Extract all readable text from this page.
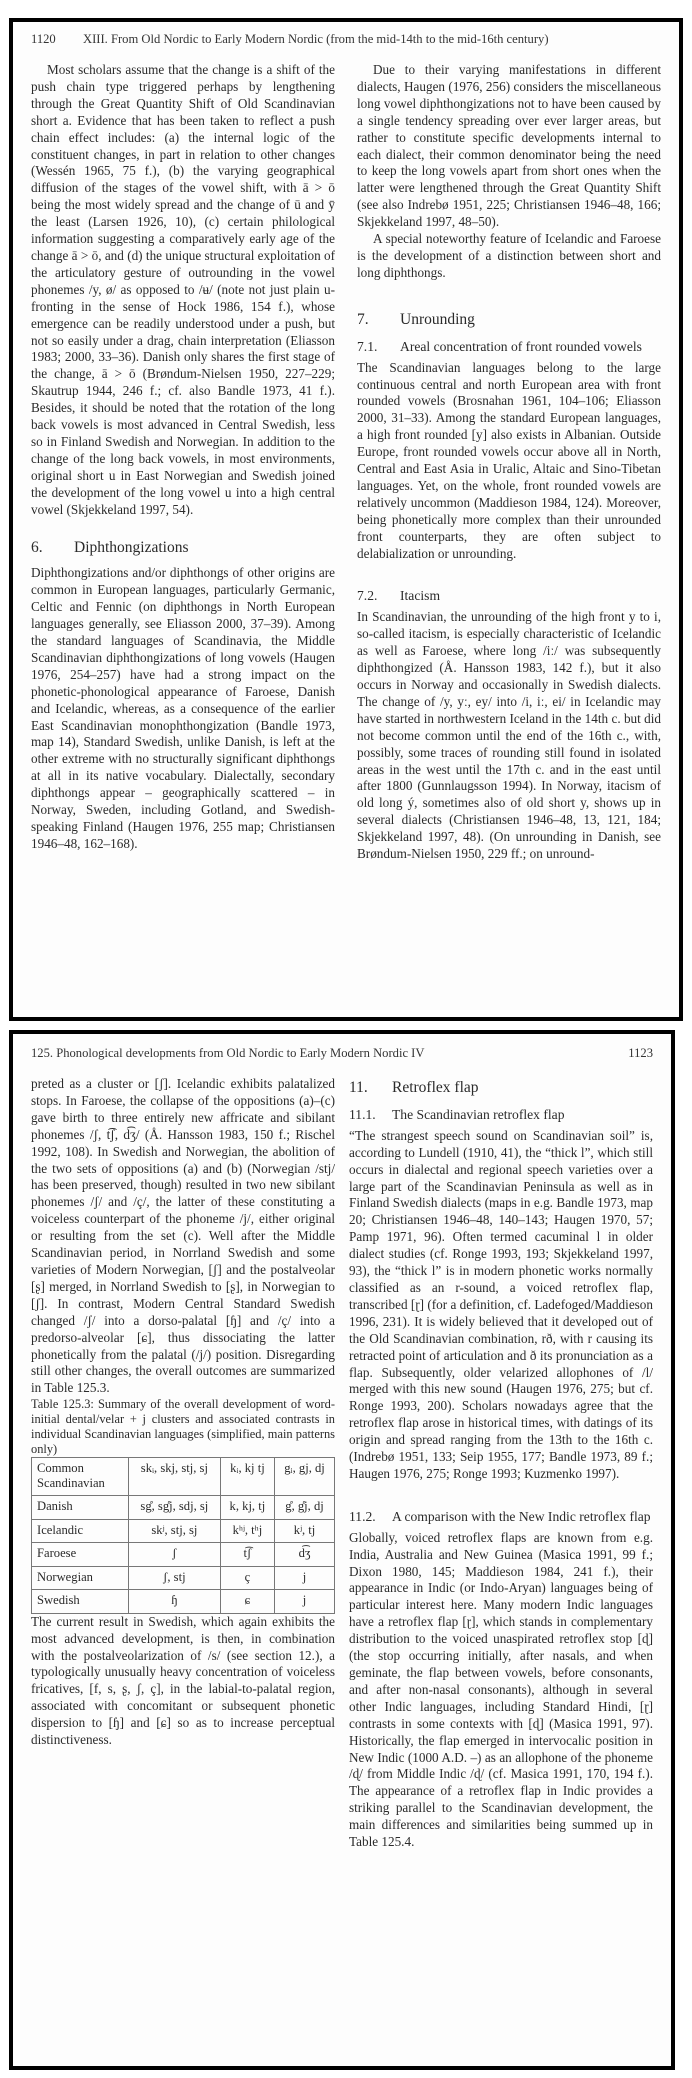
1120	XIII. From Old Nordic to Early Modern Nordic (from the mid-14th to the mid-16th century)

Most scholars assume that the change is a shift of the push chain type triggered perhaps by lengthening through the Great Quantity Shift of Old Scandinavian short a. Evidence that has been taken to reflect a push chain effect includes: (a) the internal logic of the constituent changes, in part in relation to other changes (Wessén 1965, 75 f.), (b) the varying geographical diffusion of the stages of the vowel shift, with ā > ō being the most widely spread and the change of ū and ȳ the least (Larsen 1926, 10), (c) certain philological information suggesting a comparatively early age of the change ā > ō, and (d) the unique structural exploitation of the articulatory gesture of outrounding in the vowel phonemes /y, ø/ as opposed to /ʉ/ (note not just plain u-fronting in the sense of Hock 1986, 154 f.), whose emergence can be readily understood under a push, but not so easily under a drag, chain interpretation (Eliasson 1983; 2000, 33–36). Danish only shares the first stage of the change, ā > ō (Brøndum-Nielsen 1950, 227–229; Skautrup 1944, 246 f.; cf. also Bandle 1973, 41 f.). Besides, it should be noted that the rotation of the long back vowels is most advanced in Central Swedish, less so in Finland Swedish and Norwegian. In addition to the change of the long back vowels, in most environments, original short u in East Norwegian and Swedish joined the development of the long vowel u into a high central vowel (Skjekkeland 1997, 54).

6.	Diphthongizations

Diphthongizations and/or diphthongs of other origins are common in European languages, particularly Germanic, Celtic and Fennic (on diphthongs in North European languages generally, see Eliasson 2000, 37–39). Among the standard languages of Scandinavia, the Middle Scandinavian diphthongizations of long vowels (Haugen 1976, 254–257) have had a strong impact on the phonetic-phonological appearance of Faroese, Danish and Icelandic, whereas, as a consequence of the earlier East Scandinavian monophthongization (Bandle 1973, map 14), Standard Swedish, unlike Danish, is left at the other extreme with no structurally significant diphthongs at all in its native vocabulary. Dialectally, secondary diphthongs appear – geographically scattered – in Norway, Sweden, including Gotland, and Swedish-speaking Finland (Haugen 1976, 255 map; Christiansen 1946–48, 162–168).

Due to their varying manifestations in different dialects, Haugen (1976, 256) considers the miscellaneous long vowel diphthongizations not to have been caused by a single tendency spreading over ever larger areas, but rather to constitute specific developments internal to each dialect, their common denominator being the need to keep the long vowels apart from short ones when the latter were lengthened through the Great Quantity Shift (see also Indrebø 1951, 225; Christiansen 1946–48, 166; Skjekkeland 1997, 48–50).

A special noteworthy feature of Icelandic and Faroese is the development of a distinction between short and long diphthongs.

7.	Unrounding
7.1.	Areal concentration of front rounded vowels

The Scandinavian languages belong to the large continuous central and north European area with front rounded vowels (Brosnahan 1961, 104–106; Eliasson 2000, 31–33). Among the standard European languages, a high front rounded [y] also exists in Albanian. Outside Europe, front rounded vowels occur above all in North, Central and East Asia in Uralic, Altaic and Sino-Tibetan languages. Yet, on the whole, front rounded vowels are relatively uncommon (Maddieson 1984, 124). Moreover, being phonetically more complex than their unrounded front counterparts, they are often subject to delabialization or unrounding.

7.2.	Itacism

In Scandinavian, the unrounding of the high front y to i, so-called itacism, is especially characteristic of Icelandic as well as Faroese, where long /iː/ was subsequently diphthongized (Å. Hansson 1983, 142 f.), but it also occurs in Norway and occasionally in Swedish dialects. The change of /y, yː, ey/ into /i, iː, ei/ in Icelandic may have started in northwestern Iceland in the 14th c. but did not become common until the end of the 16th c., with, possibly, some traces of rounding still found in isolated areas in the west until the 17th c. and in the east until after 1800 (Gunnlaugsson 1994). In Norway, itacism of old long ý, sometimes also of old short y, shows up in several dialects (Christiansen 1946–48, 13, 121, 184; Skjekkeland 1997, 48). (On unrounding in Danish, see Brøndum-Nielsen 1950, 229 ff.; on unround-

125. Phonological developments from Old Nordic to Early Modern Nordic IV	1123

preted as a cluster or [ʃ]. Icelandic exhibits palatalized stops. In Faroese, the collapse of the oppositions (a)–(c) gave birth to three entirely new affricate and sibilant phonemes /ʃ, t͡ʃ, d͡ʒ/ (Å. Hansson 1983, 150 f.; Rischel 1992, 108). In Swedish and Norwegian, the abolition of the two sets of oppositions (a) and (b) (Norwegian /stj/ has been preserved, though) resulted in two new sibilant phonemes /ʃ/ and /ç/, the latter of these constituting a voiceless counterpart of the phoneme /j/, either original or resulting from the set (c). Well after the Middle Scandinavian period, in Norrland Swedish and some varieties of Modern Norwegian, [ʃ] and the postalveolar [ʂ] merged, in Norrland Swedish to [ʂ], in Norwegian to [ʃ]. In contrast, Modern Central Standard Swedish changed /ʃ/ into a dorso-palatal [ɧ] and /ç/ into a predorso-alveolar [ɕ], thus dissociating the latter phonetically from the palatal (/j/) position. Disregarding still other changes, the overall outcomes are summarized in Table 125.3.

Table 125.3: Summary of the overall development of word-initial dental/velar + j clusters and associated contrasts in individual Scandinavian languages (simplified, main patterns only)

Common Scandinavian	skᵢ, skj, stj, sj	kᵢ, kj tj	gᵢ, gj, dj
Danish	sg̊, sg̊j, sdj, sj	k, kj, tj	g̊, g̊j, dj
Icelandic	skʲ, stj, sj	kʰʲ, tʰj	kʲ, tj
Faroese	ʃ	t͡ʃ	d͡ʒ
Norwegian	ʃ, stj	ç	j
Swedish	ɧ	ɕ	j

The current result in Swedish, which again exhibits the most advanced development, is then, in combination with the postalveolarization of /s/ (see section 12.), a typologically unusually heavy concentration of voiceless fricatives, [f, s, ʂ, ʃ, ç], in the labial-to-palatal region, associated with concomitant or subsequent phonetic dispersion to [ɧ] and [ɕ] so as to increase perceptual distinctiveness.

11.	Retroflex flap
11.1.	The Scandinavian retroflex flap

“The strangest speech sound on Scandinavian soil” is, according to Lundell (1910, 41), the “thick l”, which still occurs in dialectal and regional speech varieties over a large part of the Scandinavian Peninsula as well as in Finland Swedish dialects (maps in e.g. Bandle 1973, map 20; Christiansen 1946–48, 140–143; Haugen 1970, 57; Pamp 1971, 96). Often termed cacuminal l in older dialect studies (cf. Ronge 1993, 193; Skjekkeland 1997, 93), the “thick l” is in modern phonetic works normally classified as an r-sound, a voiced retroflex flap, transcribed [ɽ] (for a definition, cf. Ladefoged/Maddieson 1996, 231). It is widely believed that it developed out of the Old Scandinavian combination, rð, with r causing its retracted point of articulation and ð its pronunciation as a flap. Subsequently, older velarized allophones of /l/ merged with this new sound (Haugen 1976, 275; but cf. Ronge 1993, 200). Scholars nowadays agree that the retroflex flap arose in historical times, with datings of its origin and spread ranging from the 13th to the 16th c. (Indrebø 1951, 133; Seip 1955, 177; Bandle 1973, 89 f.; Haugen 1976, 275; Ronge 1993; Kuzmenko 1997).

11.2.	A comparison with the New Indic retroflex flap

Globally, voiced retroflex flaps are known from e.g. India, Australia and New Guinea (Masica 1991, 99 f.; Dixon 1980, 145; Maddieson 1984, 241 f.), their appearance in Indic (or Indo-Aryan) languages being of particular interest here. Many modern Indic languages have a retroflex flap [ɽ], which stands in complementary distribution to the voiced unaspirated retroflex stop [ɖ] (the stop occurring initially, after nasals, and when geminate, the flap between vowels, before consonants, and after non-nasal consonants), although in several other Indic languages, including Standard Hindi, [ɽ] contrasts in some contexts with [ɖ] (Masica 1991, 97). Historically, the flap emerged in intervocalic position in New Indic (1000 A.D. –) as an allophone of the phoneme /ɖ/ from Middle Indic /ɖ/ (cf. Masica 1991, 170, 194 f.). The appearance of a retroflex flap in Indic provides a striking parallel to the Scandinavian development, the main differences and similarities being summed up in Table 125.4.
